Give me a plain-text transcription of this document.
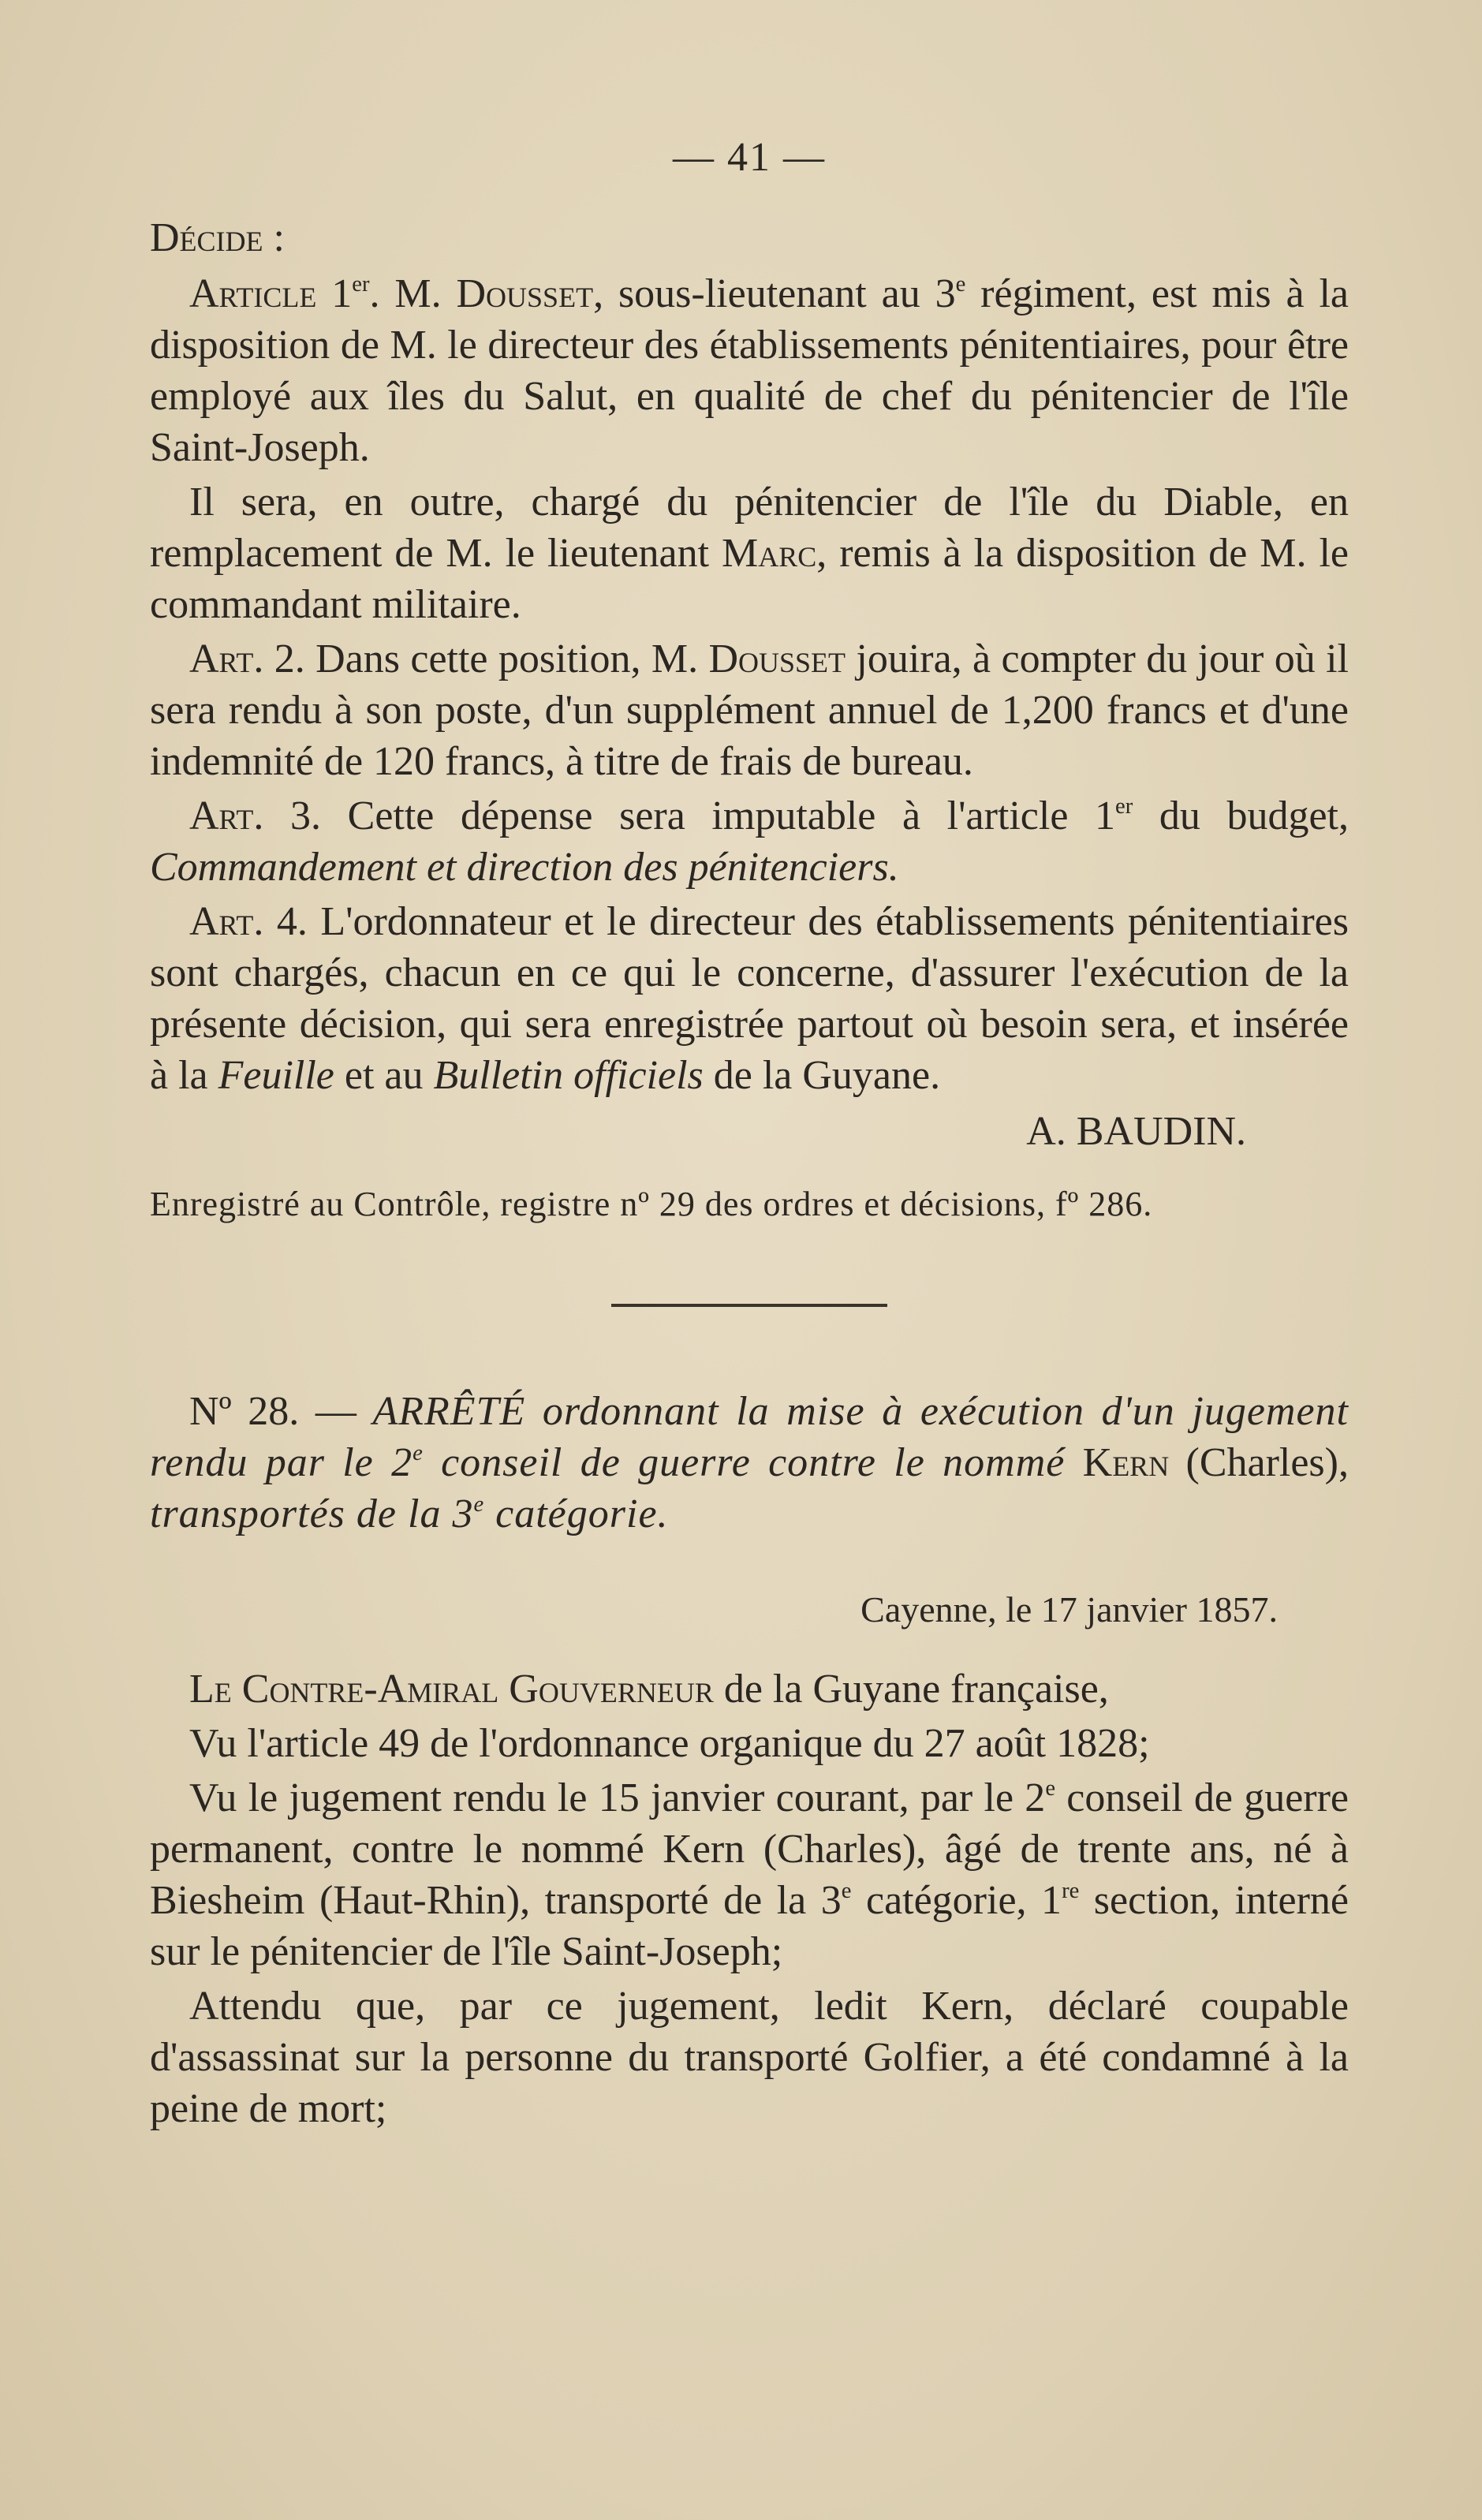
— 41 —

Décide :

Article 1er. M. Dousset, sous-lieutenant au 3e régiment, est mis à la disposition de M. le directeur des établissements pénitentiaires, pour être employé aux îles du Salut, en qualité de chef du pénitencier de l'île Saint-Joseph.

Il sera, en outre, chargé du pénitencier de l'île du Diable, en remplacement de M. le lieutenant Marc, remis à la disposition de M. le commandant militaire.

Art. 2. Dans cette position, M. Dousset jouira, à compter du jour où il sera rendu à son poste, d'un supplément annuel de 1,200 francs et d'une indemnité de 120 francs, à titre de frais de bureau.

Art. 3. Cette dépense sera imputable à l'article 1er du budget, Commandement et direction des pénitenciers.

Art. 4. L'ordonnateur et le directeur des établissements pénitentiaires sont chargés, chacun en ce qui le concerne, d'assurer l'exécution de la présente décision, qui sera enregistrée partout où besoin sera, et insérée à la Feuille et au Bulletin officiels de la Guyane.

A. BAUDIN.

Enregistré au Contrôle, registre nº 29 des ordres et décisions, fº 286.

Nº 28. — ARRÊTÉ ordonnant la mise à exécution d'un jugement rendu par le 2e conseil de guerre contre le nommé Kern (Charles), transportés de la 3e catégorie.

Cayenne, le 17 janvier 1857.

Le Contre-Amiral Gouverneur de la Guyane française,

Vu l'article 49 de l'ordonnance organique du 27 août 1828;

Vu le jugement rendu le 15 janvier courant, par le 2e conseil de guerre permanent, contre le nommé Kern (Charles), âgé de trente ans, né à Biesheim (Haut-Rhin), transporté de la 3e catégorie, 1re section, interné sur le pénitencier de l'île Saint-Joseph;

Attendu que, par ce jugement, ledit Kern, déclaré coupable d'assassinat sur la personne du transporté Golfier, a été condamné à la peine de mort;
